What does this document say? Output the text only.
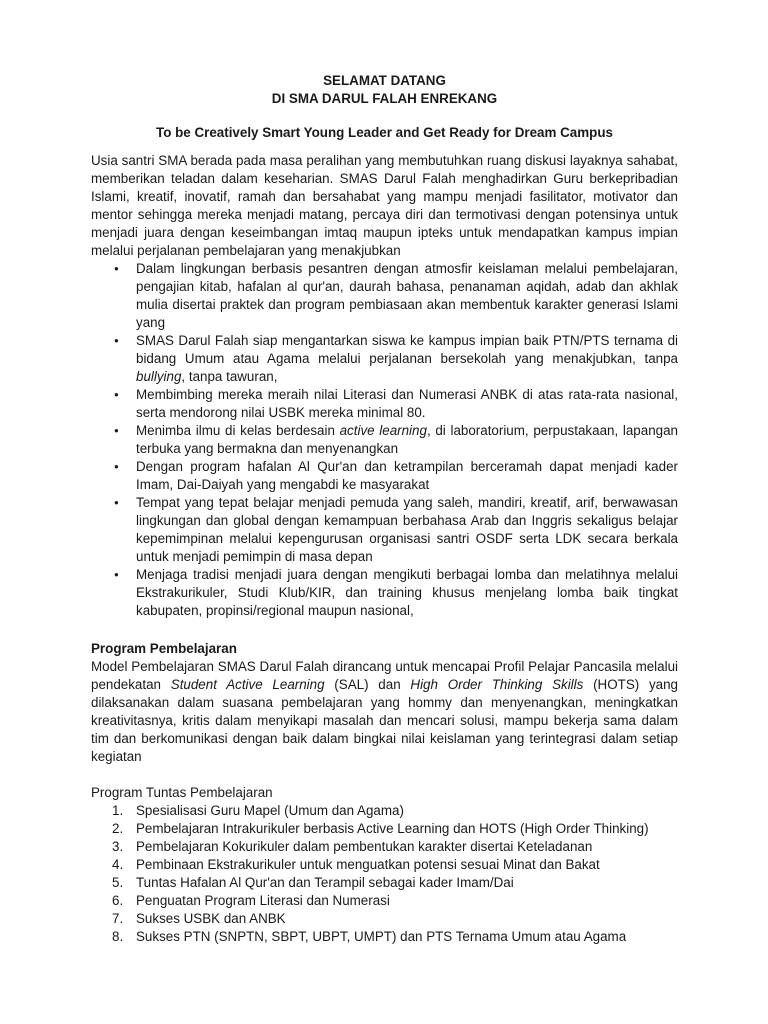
SELAMAT DATANG
DI SMA DARUL FALAH ENREKANG
To be Creatively Smart Young Leader and Get Ready for Dream Campus

Usia santri SMA berada pada masa peralihan yang membutuhkan ruang diskusi layaknya sahabat, memberikan teladan dalam keseharian. SMAS Darul Falah menghadirkan Guru berkepribadian Islami, kreatif, inovatif, ramah dan bersahabat yang mampu menjadi fasilitator, motivator dan mentor sehingga mereka menjadi matang, percaya diri dan termotivasi dengan potensinya untuk menjadi juara dengan keseimbangan imtaq maupun ipteks untuk mendapatkan kampus impian melalui perjalanan pembelajaran yang menakjubkan

● Dalam lingkungan berbasis pesantren dengan atmosfir keislaman melalui pembelajaran, pengajian kitab, hafalan al qur'an, daurah bahasa, penanaman aqidah, adab dan akhlak mulia disertai praktek dan program pembiasaan akan membentuk karakter generasi Islami yang
● SMAS Darul Falah siap mengantarkan siswa ke kampus impian baik PTN/PTS ternama di bidang Umum atau Agama melalui perjalanan bersekolah yang menakjubkan, tanpa bullying, tanpa tawuran,
● Membimbing mereka meraih nilai Literasi dan Numerasi ANBK di atas rata-rata nasional, serta mendorong nilai USBK mereka minimal 80.
● Menimba ilmu di kelas berdesain active learning, di laboratorium, perpustakaan, lapangan terbuka yang bermakna dan menyenangkan
● Dengan program hafalan Al Qur'an dan ketrampilan berceramah dapat menjadi kader Imam, Dai-Daiyah yang mengabdi ke masyarakat
● Tempat yang tepat belajar menjadi pemuda yang saleh, mandiri, kreatif, arif, berwawasan lingkungan dan global dengan kemampuan berbahasa Arab dan Inggris sekaligus belajar kepemimpinan melalui kepengurusan organisasi santri OSDF serta LDK secara berkala untuk menjadi pemimpin di masa depan
● Menjaga tradisi menjadi juara dengan mengikuti berbagai lomba dan melatihnya melalui Ekstrakurikuler, Studi Klub/KIR, dan training khusus menjelang lomba baik tingkat kabupaten, propinsi/regional maupun nasional,
Program Pembelajaran

Model Pembelajaran SMAS Darul Falah dirancang untuk mencapai Profil Pelajar Pancasila melalui pendekatan Student Active Learning (SAL) dan High Order Thinking Skills (HOTS) yang dilaksanakan dalam suasana pembelajaran yang hommy dan menyenangkan, meningkatkan kreativitasnya, kritis dalam menyikapi masalah dan mencari solusi, mampu bekerja sama dalam tim dan berkomunikasi dengan baik dalam bingkai nilai keislaman yang terintegrasi dalam setiap kegiatan

Program Tuntas Pembelajaran
1. Spesialisasi Guru Mapel (Umum dan Agama)
2. Pembelajaran Intrakurikuler berbasis Active Learning dan HOTS (High Order Thinking)
3. Pembelajaran Kokurikuler dalam pembentukan karakter disertai Keteladanan
4. Pembinaan Ekstrakurikuler untuk menguatkan potensi sesuai Minat dan Bakat
5. Tuntas Hafalan Al Qur'an dan Terampil sebagai kader Imam/Dai
6. Penguatan Program Literasi dan Numerasi
7. Sukses USBK dan ANBK
8. Sukses PTN (SNPTN, SBPT, UBPT, UMPT) dan PTS Ternama Umum atau Agama
